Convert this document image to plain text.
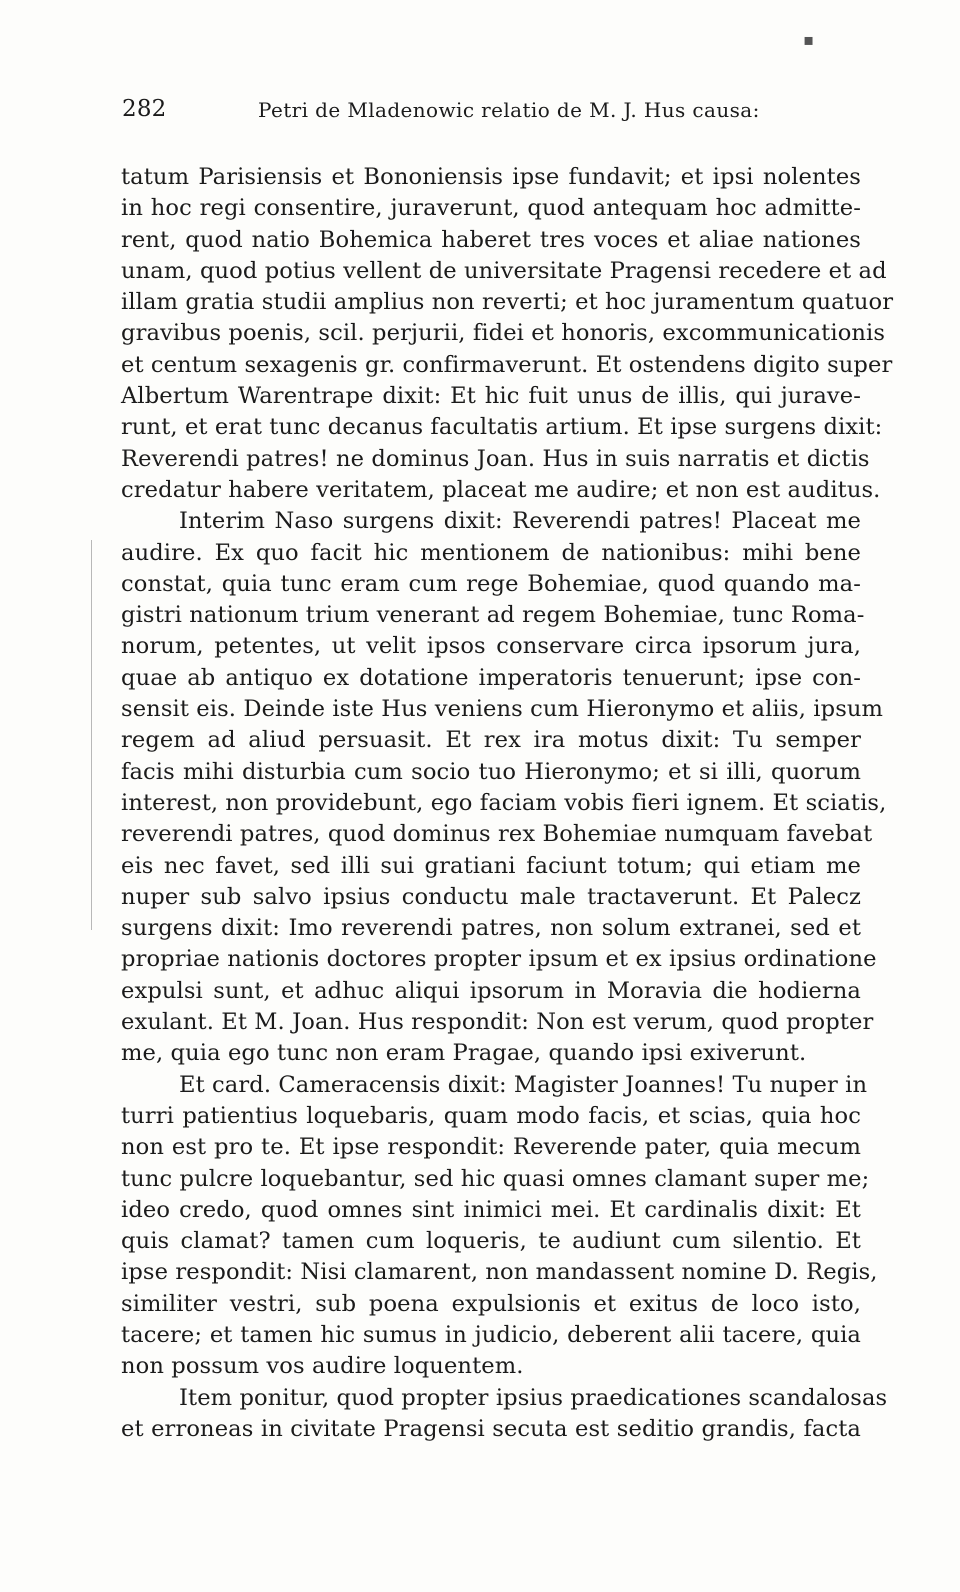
▪
282	Petri de Mladenowic relatio de M. J. Hus causa:
tatum Parisiensis et Bononiensis ipse fundavit; et ipsi nolentes
in hoc regi consentire, juraverunt, quod antequam hoc admitte-
rent, quod natio Bohemica haberet tres voces et aliae nationes
unam, quod potius vellent de universitate Pragensi recedere et ad
illam gratia studii amplius non reverti; et hoc juramentum quatuor
gravibus poenis, scil. perjurii, fidei et honoris, excommunicationis
et centum sexagenis gr. confirmaverunt. Et ostendens digito super
Albertum Warentrape dixit: Et hic fuit unus de illis, qui jurave-
runt, et erat tunc decanus facultatis artium. Et ipse surgens dixit:
Reverendi patres! ne dominus Joan. Hus in suis narratis et dictis
credatur habere veritatem, placeat me audire; et non est auditus.
Interim Naso surgens dixit: Reverendi patres! Placeat me
audire. Ex quo facit hic mentionem de nationibus: mihi bene
constat, quia tunc eram cum rege Bohemiae, quod quando ma-
gistri nationum trium venerant ad regem Bohemiae, tunc Roma-
norum, petentes, ut velit ipsos conservare circa ipsorum jura,
quae ab antiquo ex dotatione imperatoris tenuerunt; ipse con-
sensit eis. Deinde iste Hus veniens cum Hieronymo et aliis, ipsum
regem ad aliud persuasit. Et rex ira motus dixit: Tu semper
facis mihi disturbia cum socio tuo Hieronymo; et si illi, quorum
interest, non providebunt, ego faciam vobis fieri ignem. Et sciatis,
reverendi patres, quod dominus rex Bohemiae numquam favebat
eis nec favet, sed illi sui gratiani faciunt totum; qui etiam me
nuper sub salvo ipsius conductu male tractaverunt. Et Palecz
surgens dixit: Imo reverendi patres, non solum extranei, sed et
propriae nationis doctores propter ipsum et ex ipsius ordinatione
expulsi sunt, et adhuc aliqui ipsorum in Moravia die hodierna
exulant. Et M. Joan. Hus respondit: Non est verum, quod propter
me, quia ego tunc non eram Pragae, quando ipsi exiverunt.
Et card. Cameracensis dixit: Magister Joannes! Tu nuper in
turri patientius loquebaris, quam modo facis, et scias, quia hoc
non est pro te. Et ipse respondit: Reverende pater, quia mecum
tunc pulcre loquebantur, sed hic quasi omnes clamant super me;
ideo credo, quod omnes sint inimici mei. Et cardinalis dixit: Et
quis clamat? tamen cum loqueris, te audiunt cum silentio. Et
ipse respondit: Nisi clamarent, non mandassent nomine D. Regis,
similiter vestri, sub poena expulsionis et exitus de loco isto,
tacere; et tamen hic sumus in judicio, deberent alii tacere, quia
non possum vos audire loquentem.
Item ponitur, quod propter ipsius praedicationes scandalosas
et erroneas in civitate Pragensi secuta est seditio grandis, facta
